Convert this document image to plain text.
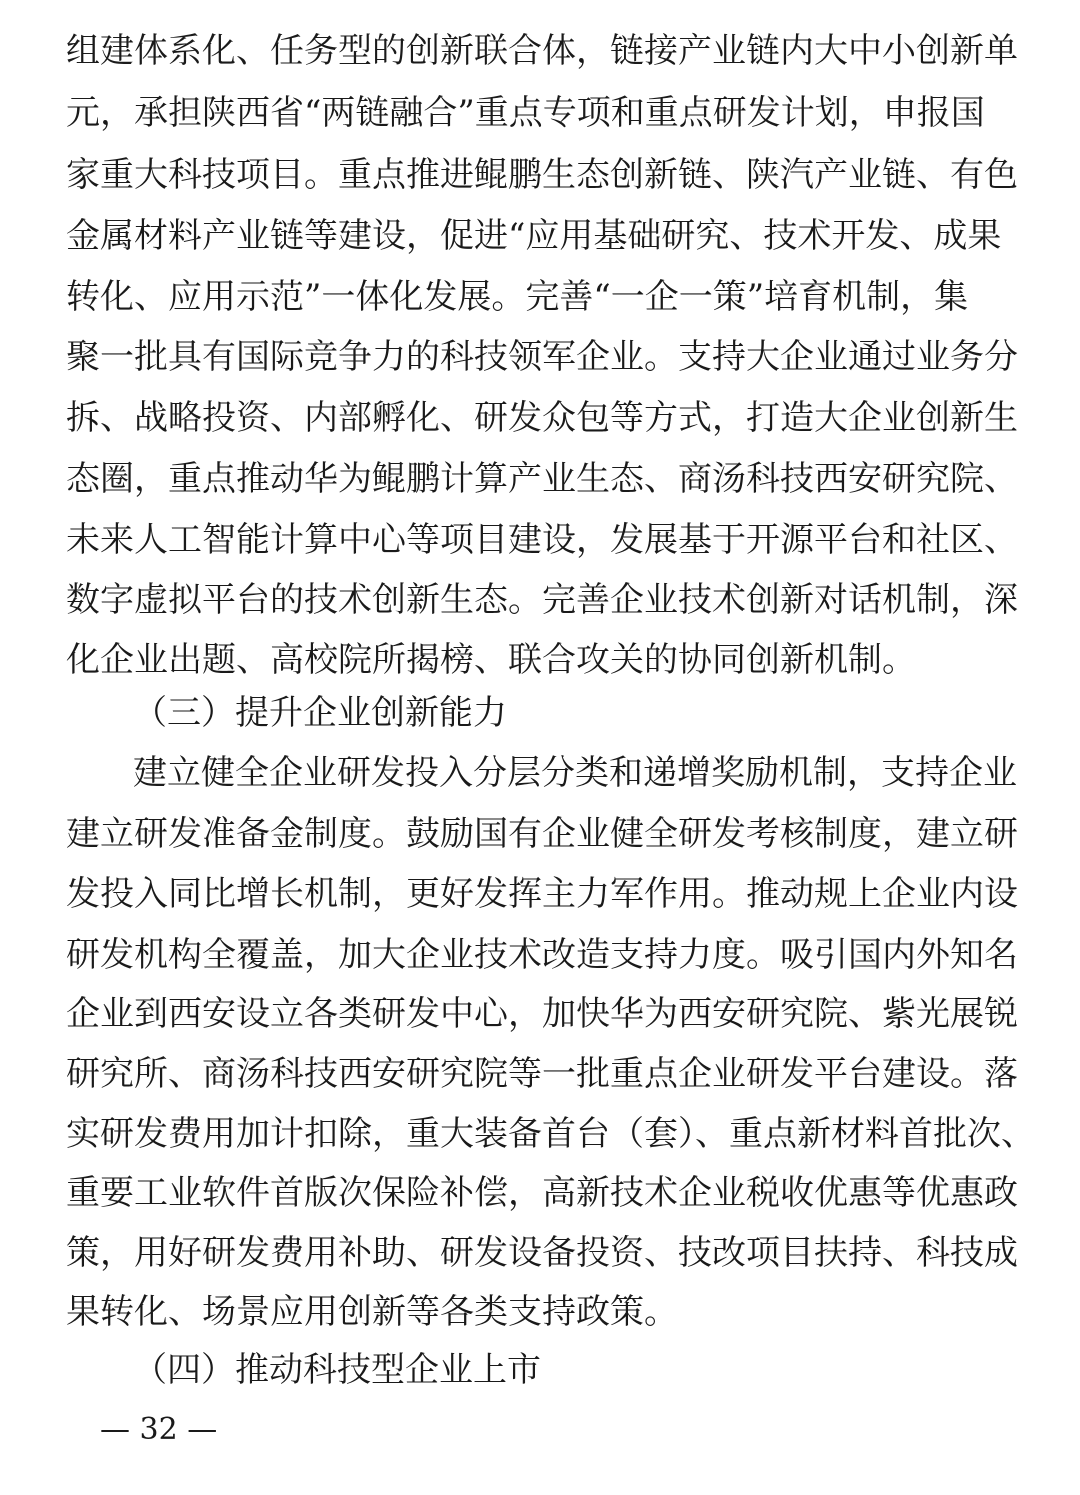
组建体系化、任务型的创新联合体，链接产业链内大中小创新单
元，承担陕西省“两链融合”重点专项和重点研发计划，申报国
家重大科技项目。重点推进鲲鹏生态创新链、陕汽产业链、有色
金属材料产业链等建设，促进“应用基础研究、技术开发、成果
转化、应用示范”一体化发展。完善“一企一策”培育机制，集
聚一批具有国际竞争力的科技领军企业。支持大企业通过业务分
拆、战略投资、内部孵化、研发众包等方式，打造大企业创新生
态圈，重点推动华为鲲鹏计算产业生态、商汤科技西安研究院、
未来人工智能计算中心等项目建设，发展基于开源平台和社区、
数字虚拟平台的技术创新生态。完善企业技术创新对话机制，深
化企业出题、高校院所揭榜、联合攻关的协同创新机制。
（三）提升企业创新能力
建立健全企业研发投入分层分类和递增奖励机制，支持企业
建立研发准备金制度。鼓励国有企业健全研发考核制度，建立研
发投入同比增长机制，更好发挥主力军作用。推动规上企业内设
研发机构全覆盖，加大企业技术改造支持力度。吸引国内外知名
企业到西安设立各类研发中心，加快华为西安研究院、紫光展锐
研究所、商汤科技西安研究院等一批重点企业研发平台建设。落
实研发费用加计扣除，重大装备首台（套）、重点新材料首批次、
重要工业软件首版次保险补偿，高新技术企业税收优惠等优惠政
策，用好研发费用补助、研发设备投资、技改项目扶持、科技成
果转化、场景应用创新等各类支持政策。
（四）推动科技型企业上市
— 32 —
